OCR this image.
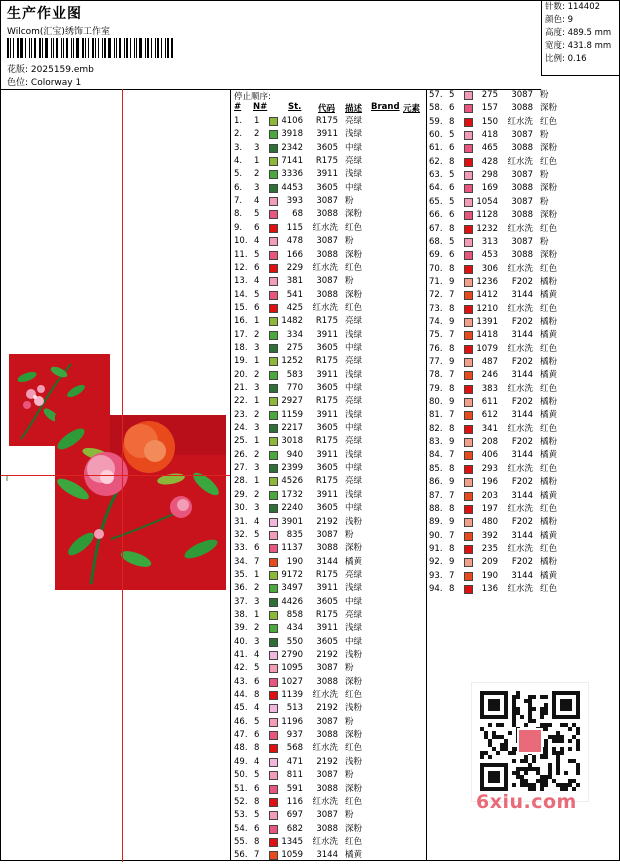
生产作业图
Wilcom(汇宝)绣饰工作室
花版: 2025159.emb
色位: Colorway 1
针数: 114402
颜色: 9
高度: 489.5 mm
宽度: 431.8 mm
比例: 0.16
停止顺序:
# N# St. 代码 描述 Brand 元素
1.	1	4106	R175 亮绿
2.	2	3918	3911 浅绿
3.	3	2342	3605 中绿
4.	1	7141	R175 亮绿
5.	2	3336	3911 浅绿
6.	3	4453	3605 中绿
7.	4	393	3087 粉
8.	5	68	3088 深粉
9.	6	115	红水洗 红色
10. 4	478	3087 粉
11. 5	166	3088 深粉
12. 6	229	红水洗 红色
13. 4	381	3087 粉
14. 5	541	3088 深粉
15. 6	425	红水洗 红色
16. 1	1482	R175 亮绿
17. 2	334	3911 浅绿
18. 3	275	3605 中绿
19. 1	1252	R175 亮绿
20. 2	583	3911 浅绿
21. 3	770	3605 中绿
22. 1	2927	R175 亮绿
23. 2	1159	3911 浅绿
24. 3	2217	3605 中绿
25. 1	3018	R175 亮绿
26. 2	940	3911 浅绿
27. 3	2399	3605 中绿
28. 1	4526	R175 亮绿
29. 2	1732	3911 浅绿
30. 3	2240	3605 中绿
31. 4	3901	2192 浅粉
32. 5	835	3087 粉
33. 6	1137	3088 深粉
34. 7	190	3144 橘黄
35. 1	9172	R175 亮绿
36. 2	3497	3911 浅绿
37. 3	4426	3605 中绿
38. 1	858	R175 亮绿
39. 2	434	3911 浅绿
40. 3	550	3605 中绿
41. 4	2790	2192 浅粉
42. 5	1095	3087 粉
43. 6	1027	3088 深粉
44. 8	1139	红水洗 红色
45. 4	513	2192 浅粉
46. 5	1196	3087 粉
47. 6	937	3088 深粉
48. 8	568	红水洗 红色
49. 4	471	2192 浅粉
50. 5	811	3087 粉
51. 6	591	3088 深粉
52. 8	116	红水洗 红色
53. 5	697	3087 粉
54. 6	682	3088 深粉
55. 8	1345	红水洗 红色
56. 7	1059	3144 橘黄
57. 5	275	3087 粉
58. 6	157	3088 深粉
59. 8	150	红水洗 红色
60. 5	418	3087 粉
61. 6	465	3088 深粉
62. 8	428	红水洗 红色
63. 5	298	3087 粉
64. 6	169	3088 深粉
65. 5	1054	3087 粉
66. 6	1128	3088 深粉
67. 8	1232	红水洗 红色
68. 5	313	3087 粉
69. 6	453	3088 深粉
70. 8	306	红水洗 红色
71. 9	1236	F202 橘粉
72. 7	1412	3144 橘黄
73. 8	1210	红水洗 红色
74. 9	1391	F202 橘粉
75. 7	1418	3144 橘黄
76. 8	1079	红水洗 红色
77. 9	487	F202 橘粉
78. 7	246	3144 橘黄
79. 8	383	红水洗 红色
80. 9	611	F202 橘粉
81. 7	612	3144 橘黄
82. 8	341	红水洗 红色
83. 9	208	F202 橘粉
84. 7	406	3144 橘黄
85. 8	293	红水洗 红色
86. 9	196	F202 橘粉
87. 7	203	3144 橘黄
88. 8	197	红水洗 红色
89. 9	480	F202 橘粉
90. 7	392	3144 橘黄
91. 8	235	红水洗 红色
92. 9	209	F202 橘粉
93. 7	190	3144 橘黄
94. 8	136	红水洗 红色
6xiu.com
